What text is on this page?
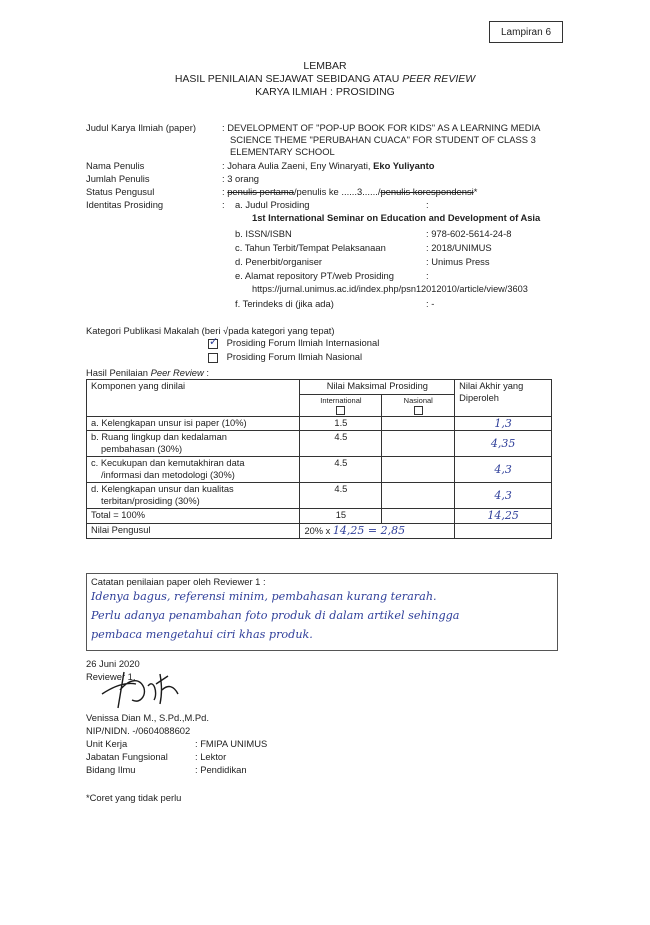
Lampiran 6
LEMBAR
HASIL PENILAIAN SEJAWAT SEBIDANG ATAU PEER REVIEW
KARYA ILMIAH : PROSIDING
Judul Karya Ilmiah (paper)	: DEVELOPMENT OF "POP-UP BOOK FOR KIDS" AS A LEARNING MEDIA
SCIENCE THEME "PERUBAHAN CUACA" FOR STUDENT OF CLASS 3
ELEMENTARY SCHOOL
Nama Penulis	: Johara Aulia Zaeni, Eny Winaryati, Eko Yuliyanto
Jumlah Penulis	: 3 orang
Status Pengusul	: penulis pertama/penulis ke ......3....../penulis korespondensi*
Identitas Prosiding	: a. Judul Prosiding	:
1st International Seminar on Education and Development of Asia
b. ISSN/ISBN	: 978-602-5614-24-8
c. Tahun Terbit/Tempat Pelaksanaan	: 2018/UNIMUS
d. Penerbit/organiser	: Unimus Press
e. Alamat repository PT/web Prosiding	:
https://jurnal.unimus.ac.id/index.php/psn12012010/article/view/3603
f. Terindeks di (jika ada)	: -
Kategori Publikasi Makalah (beri √pada kategori yang tepat)
✓ Prosiding Forum Ilmiah Internasional
Prosiding Forum Ilmiah Nasional
Hasil Penilaian Peer Review :
Komponen yang dinilai	Nilai Maksimal Prosiding		Nilai Akhir yang
Diperoleh
	International	Nasional	

a. Kelengkapan unsur isi paper (10%)	1.5		1,3
b. Ruang lingkup dan kedalaman
pembahasan (30%)	4.5		4,35
c. Kecukupan dan kemutakhiran data
/informasi dan metodologi (30%)	4.5		4,3
d. Kelengkapan unsur dan kualitas
terbitan/prosiding (30%)	4.5		4,3
Total = 100%	15		14,25
Nilai Pengusul	20% x 14,25 = 2,85		
Catatan penilaian paper oleh Reviewer 1 :
Idenya bagus, referensi minim, pembahasan kurang terarah.
Perlu adanya penambahan foto produk di dalam artikel sehingga
pembaca mengetahui ciri khas produk.
26 Juni 2020
Reviewer 1,
Venissa Dian M., S.Pd.,M.Pd.
NIP/NIDN. -/0604088602
Unit Kerja	: FMIPA UNIMUS
Jabatan Fungsional	: Lektor
Bidang Ilmu	: Pendidikan
*Coret yang tidak perlu
